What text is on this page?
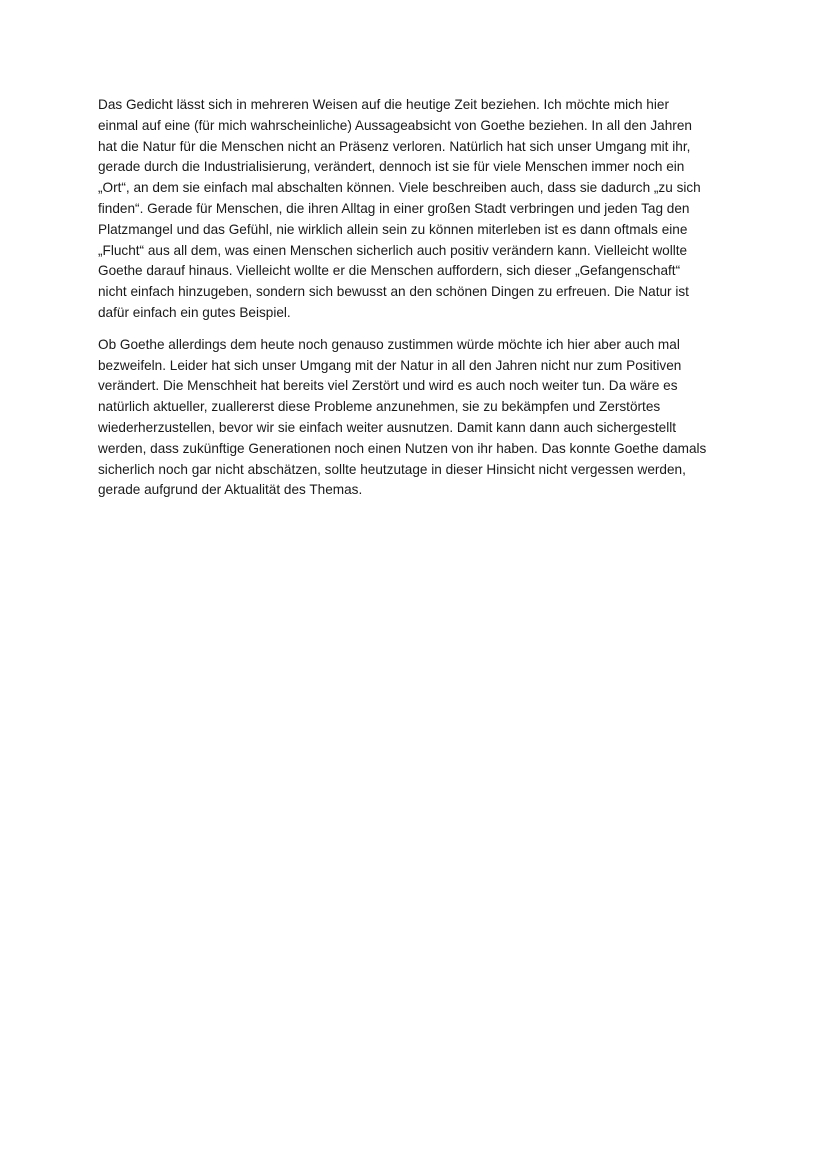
Das Gedicht lässt sich in mehreren Weisen auf die heutige Zeit beziehen. Ich möchte mich hier
einmal auf eine (für mich wahrscheinliche) Aussageabsicht von Goethe beziehen. In all den Jahren
hat die Natur für die Menschen nicht an Präsenz verloren. Natürlich hat sich unser Umgang mit ihr,
gerade durch die Industrialisierung, verändert, dennoch ist sie für viele Menschen immer noch ein
„Ort“, an dem sie einfach mal abschalten können. Viele beschreiben auch, dass sie dadurch „zu sich
finden“. Gerade für Menschen, die ihren Alltag in einer großen Stadt verbringen und jeden Tag den
Platzmangel und das Gefühl, nie wirklich allein sein zu können miterleben ist es dann oftmals eine
„Flucht“ aus all dem, was einen Menschen sicherlich auch positiv verändern kann. Vielleicht wollte
Goethe darauf hinaus. Vielleicht wollte er die Menschen auffordern, sich dieser „Gefangenschaft“
nicht einfach hinzugeben, sondern sich bewusst an den schönen Dingen zu erfreuen. Die Natur ist
dafür einfach ein gutes Beispiel.

Ob Goethe allerdings dem heute noch genauso zustimmen würde möchte ich hier aber auch mal
bezweifeln. Leider hat sich unser Umgang mit der Natur in all den Jahren nicht nur zum Positiven
verändert. Die Menschheit hat bereits viel Zerstört und wird es auch noch weiter tun. Da wäre es
natürlich aktueller, zuallererst diese Probleme anzunehmen, sie zu bekämpfen und Zerstörtes
wiederherzustellen, bevor wir sie einfach weiter ausnutzen. Damit kann dann auch sichergestellt
werden, dass zukünftige Generationen noch einen Nutzen von ihr haben. Das konnte Goethe damals
sicherlich noch gar nicht abschätzen, sollte heutzutage in dieser Hinsicht nicht vergessen werden,
gerade aufgrund der Aktualität des Themas.
